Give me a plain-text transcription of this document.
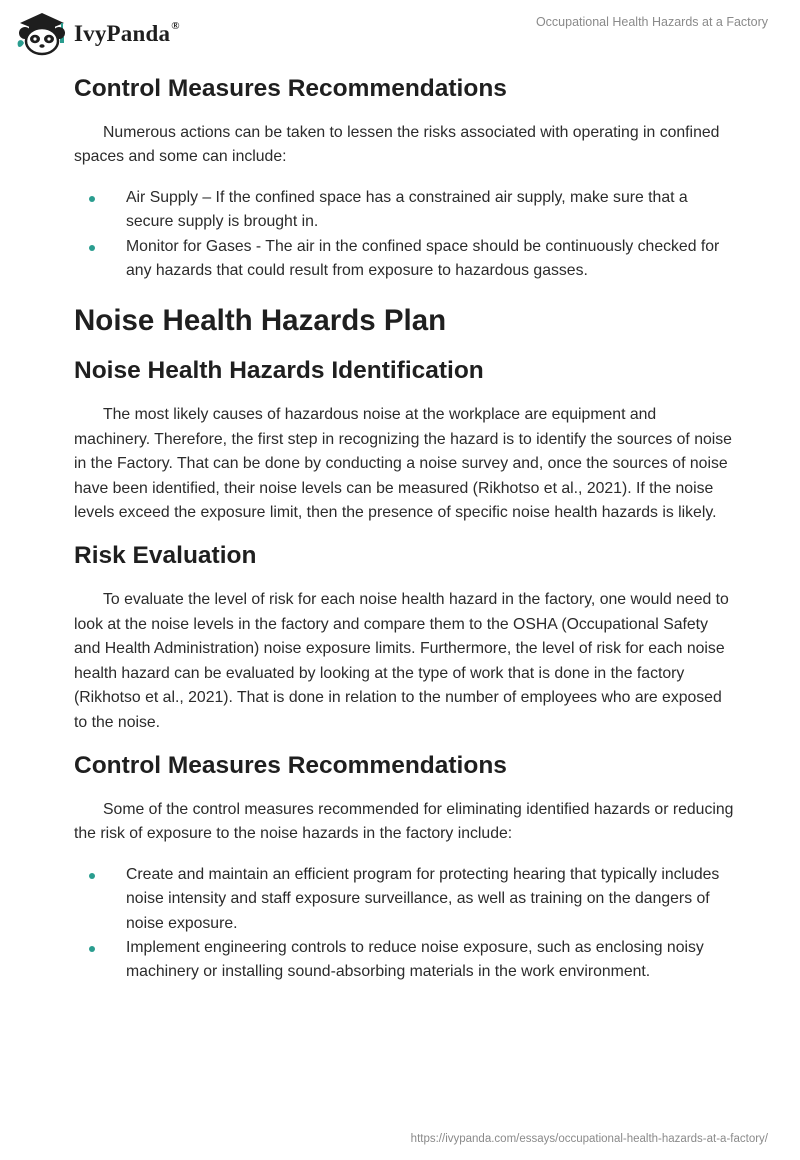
IvyPanda®	Occupational Health Hazards at a Factory
Control Measures Recommendations

Numerous actions can be taken to lessen the risks associated with operating in confined spaces and some can include:

Air Supply – If the confined space has a constrained air supply, make sure that a secure supply is brought in.
Monitor for Gases - The air in the confined space should be continuously checked for any hazards that could result from exposure to hazardous gasses.
Noise Health Hazards Plan
Noise Health Hazards Identification

The most likely causes of hazardous noise at the workplace are equipment and machinery. Therefore, the first step in recognizing the hazard is to identify the sources of noise in the Factory. That can be done by conducting a noise survey and, once the sources of noise have been identified, their noise levels can be measured (Rikhotso et al., 2021). If the noise levels exceed the exposure limit, then the presence of specific noise health hazards is likely.

Risk Evaluation

To evaluate the level of risk for each noise health hazard in the factory, one would need to look at the noise levels in the factory and compare them to the OSHA (Occupational Safety and Health Administration) noise exposure limits. Furthermore, the level of risk for each noise health hazard can be evaluated by looking at the type of work that is done in the factory (Rikhotso et al., 2021). That is done in relation to the number of employees who are exposed to the noise.

Control Measures Recommendations

Some of the control measures recommended for eliminating identified hazards or reducing the risk of exposure to the noise hazards in the factory include:

Create and maintain an efficient program for protecting hearing that typically includes noise intensity and staff exposure surveillance, as well as training on the dangers of noise exposure.
Implement engineering controls to reduce noise exposure, such as enclosing noisy machinery or installing sound-absorbing materials in the work environment.
https://ivypanda.com/essays/occupational-health-hazards-at-a-factory/
